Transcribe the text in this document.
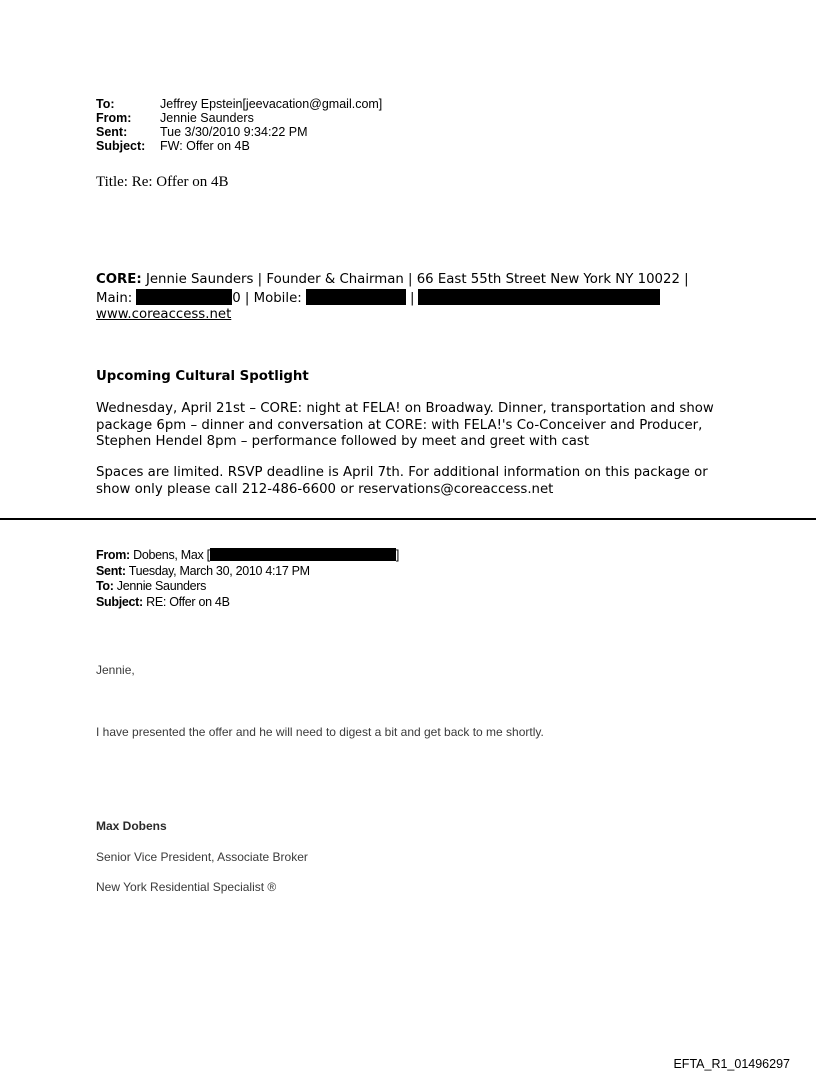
To:	Jeffrey Epstein[jeevacation@gmail.com]
From:	Jennie Saunders
Sent:	Tue 3/30/2010 9:34:22 PM
Subject:	FW: Offer on 4B
Title: Re: Offer on 4B
CORE: Jennie Saunders | Founder & Chairman | 66 East 55th Street New York NY 10022 |
Main:	0 | Mobile:	|
www.coreaccess.net
Upcoming Cultural Spotlight
Wednesday, April 21st – CORE: night at FELA! on Broadway. Dinner, transportation and show package 6pm – dinner and conversation at CORE: with FELA!'s Co-Conceiver and Producer, Stephen Hendel 8pm – performance followed by meet and greet with cast
Spaces are limited. RSVP deadline is April 7th. For additional information on this package or show only please call 212-486-6600 or reservations@coreaccess.net
From: Dobens, Max [	]
Sent: Tuesday, March 30, 2010 4:17 PM
To: Jennie Saunders
Subject: RE: Offer on 4B
Jennie,
I have presented the offer and he will need to digest a bit and get back to me shortly.
Max Dobens
Senior Vice President, Associate Broker
New York Residential Specialist ®
EFTA_R1_01496297
